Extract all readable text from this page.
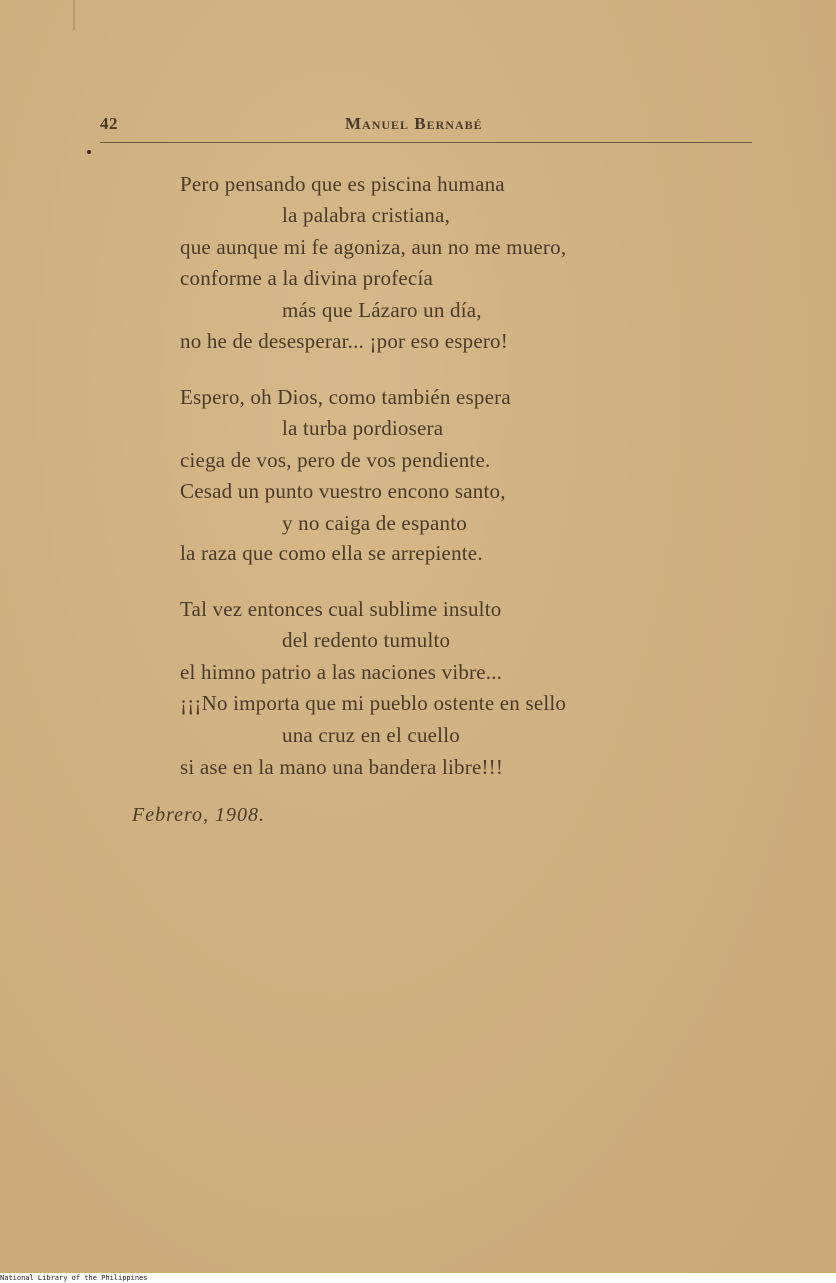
42	Manuel Bernabé
Pero pensando que es piscina humana
la palabra cristiana,
que aunque mi fe agoniza, aun no me muero,
conforme a la divina profecía
más que Lázaro un día,
no he de desesperar... ¡por eso espero!
Espero, oh Dios, como también espera
la turba pordiosera
ciega de vos, pero de vos pendiente.
Cesad un punto vuestro encono santo,
y no caiga de espanto
la raza que como ella se arrepiente.
Tal vez entonces cual sublime insulto
del redento tumulto
el himno patrio a las naciones vibre...
¡¡¡No importa que mi pueblo ostente en sello
una cruz en el cuello
si ase en la mano una bandera libre!!!
Febrero, 1908.
National Library of the Philippines
